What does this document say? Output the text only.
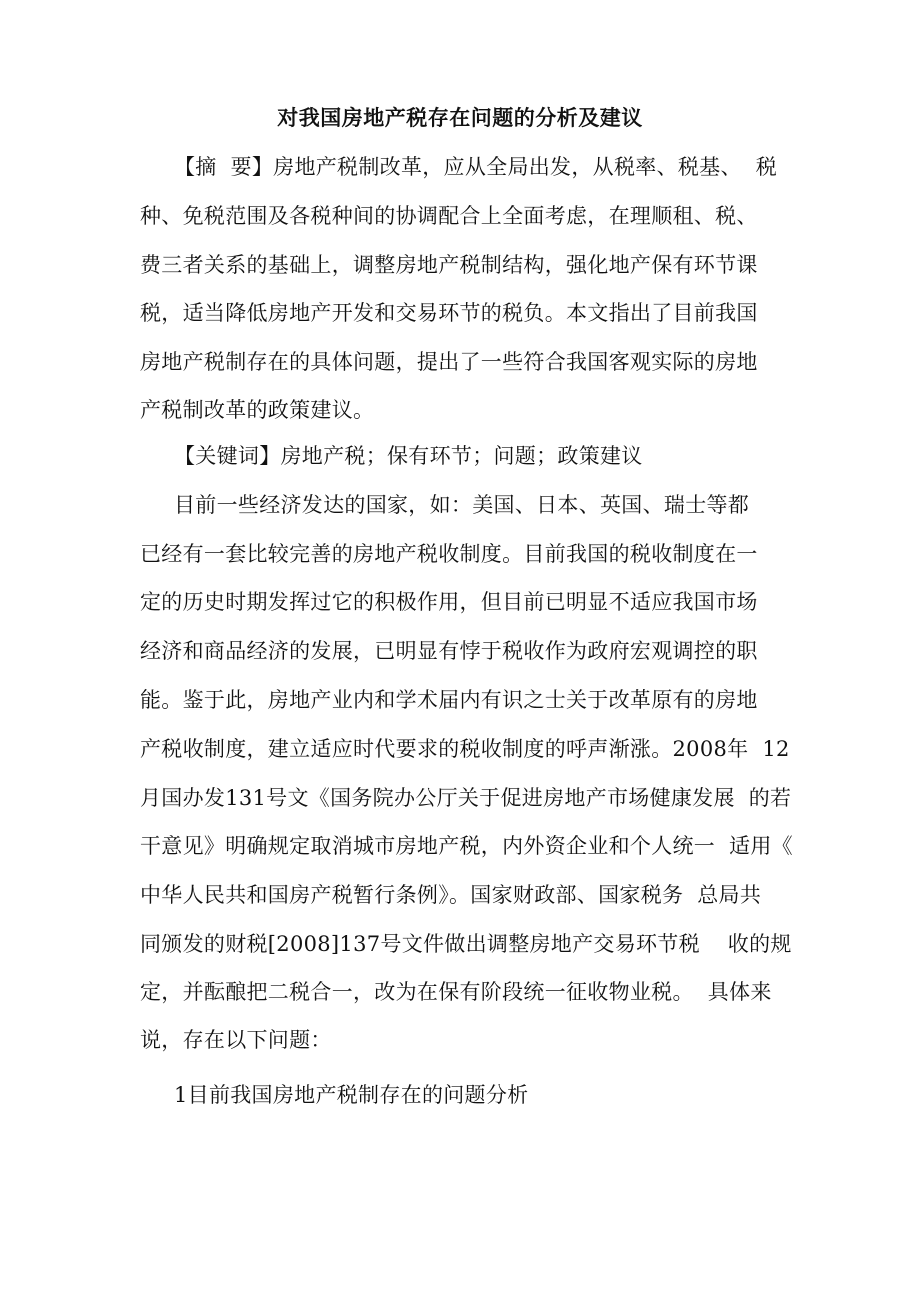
对我国房地产税存在问题的分析及建议
【摘  要】房地产税制改革，应从全局出发，从税率、税基、  税
种、免税范围及各税种间的协调配合上全面考虑，在理顺租、税、
费三者关系的基础上，调整房地产税制结构，强化地产保有环节课
税，适当降低房地产开发和交易环节的税负。本文指出了目前我国
房地产税制存在的具体问题，提出了一些符合我国客观实际的房地
产税制改革的政策建议。
【关键词】房地产税；保有环节；问题；政策建议
目前一些经济发达的国家，如：美国、日本、英国、瑞士等都
已经有一套比较完善的房地产税收制度。目前我国的税收制度在一
定的历史时期发挥过它的积极作用，但目前已明显不适应我国市场
经济和商品经济的发展，已明显有悖于税收作为政府宏观调控的职
能。鉴于此，房地产业内和学术届内有识之士关于改革原有的房地
产税收制度，建立适应时代要求的税收制度的呼声渐涨。2008年  12
月国办发131号文《国务院办公厅关于促进房地产市场健康发展  的若
干意见》明确规定取消城市房地产税，内外资企业和个人统一  适用《
中华人民共和国房产税暂行条例》。国家财政部、国家税务  总局共
同颁发的财税[2008]137号文件做出调整房地产交易环节税    收的规
定，并酝酿把二税合一，改为在保有阶段统一征收物业税。  具体来
说，存在以下问题：
1目前我国房地产税制存在的问题分析
